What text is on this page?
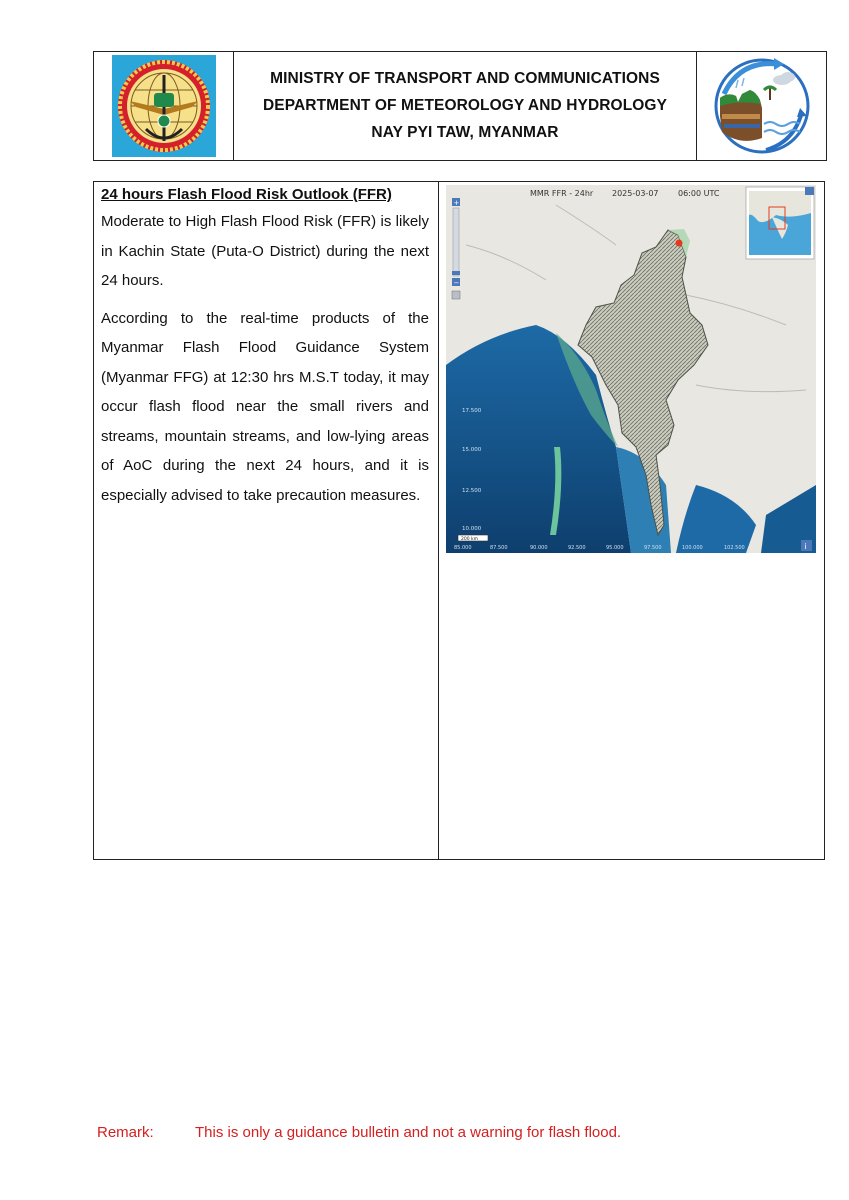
MINISTRY OF TRANSPORT AND COMMUNICATIONS
DEPARTMENT OF METEOROLOGY AND HYDROLOGY
NAY PYI TAW, MYANMAR
24 hours Flash Flood Risk Outlook (FFR)

Moderate to High Flash Flood Risk (FFR) is likely in Kachin State (Puta-O District) during the next 24 hours.

According to the real-time products of the Myanmar Flash Flood Guidance System (Myanmar FFG) at 12:30 hrs M.S.T today, it may occur flash flood near the small rivers and streams, mountain streams, and low-lying areas of AoC during the next 24 hours, and it is especially advised to take precaution measures.

17.500
15.000
12.500
10.000
85.000	87.500	90.000	92.500	95.000	97.500	100.000	102.500
200 km
MMR FFR - 24hr 2025-03-07 06:00 UTC
+
−
i
Remark:	This is only a guidance bulletin and not a warning for flash flood.
